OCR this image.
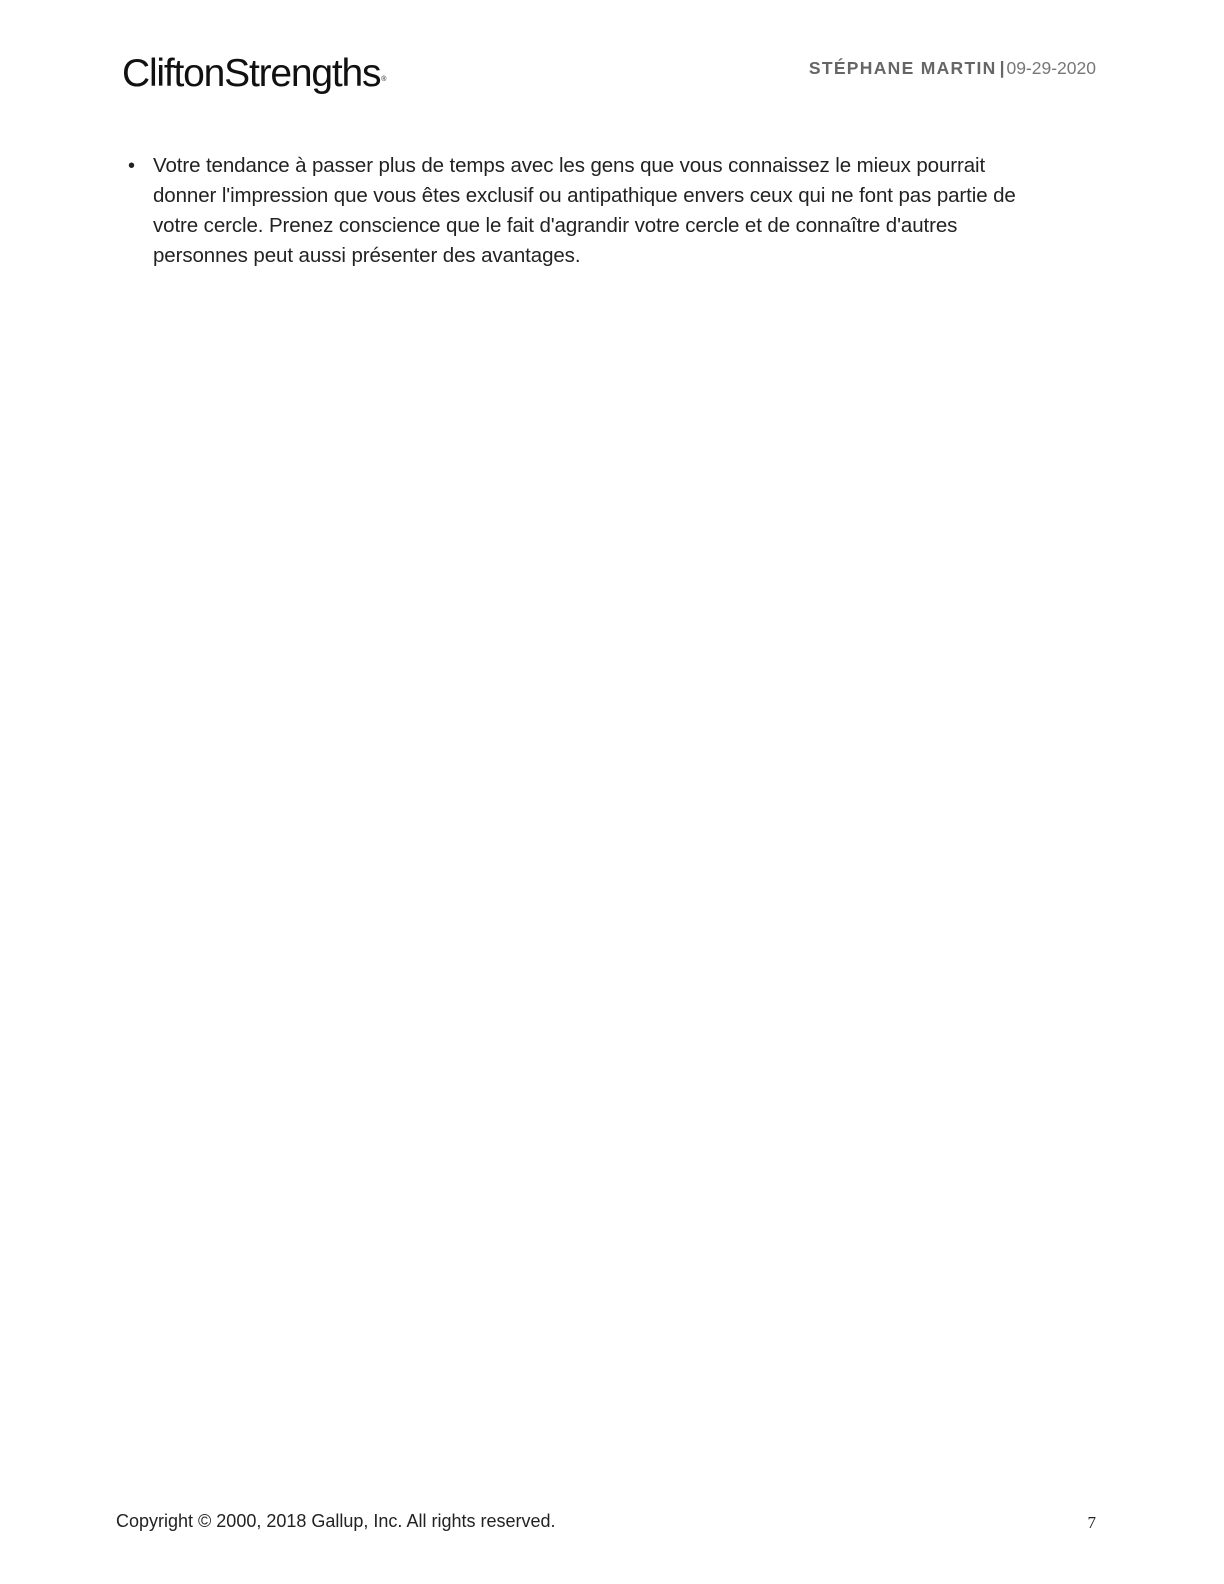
CliftonStrengths®
STÉPHANE MARTIN | 09-29-2020
• Votre tendance à passer plus de temps avec les gens que vous connaissez le mieux pourrait donner l'impression que vous êtes exclusif ou antipathique envers ceux qui ne font pas partie de votre cercle. Prenez conscience que le fait d'agrandir votre cercle et de connaître d'autres personnes peut aussi présenter des avantages.
Copyright © 2000, 2018 Gallup, Inc. All rights reserved.	7
